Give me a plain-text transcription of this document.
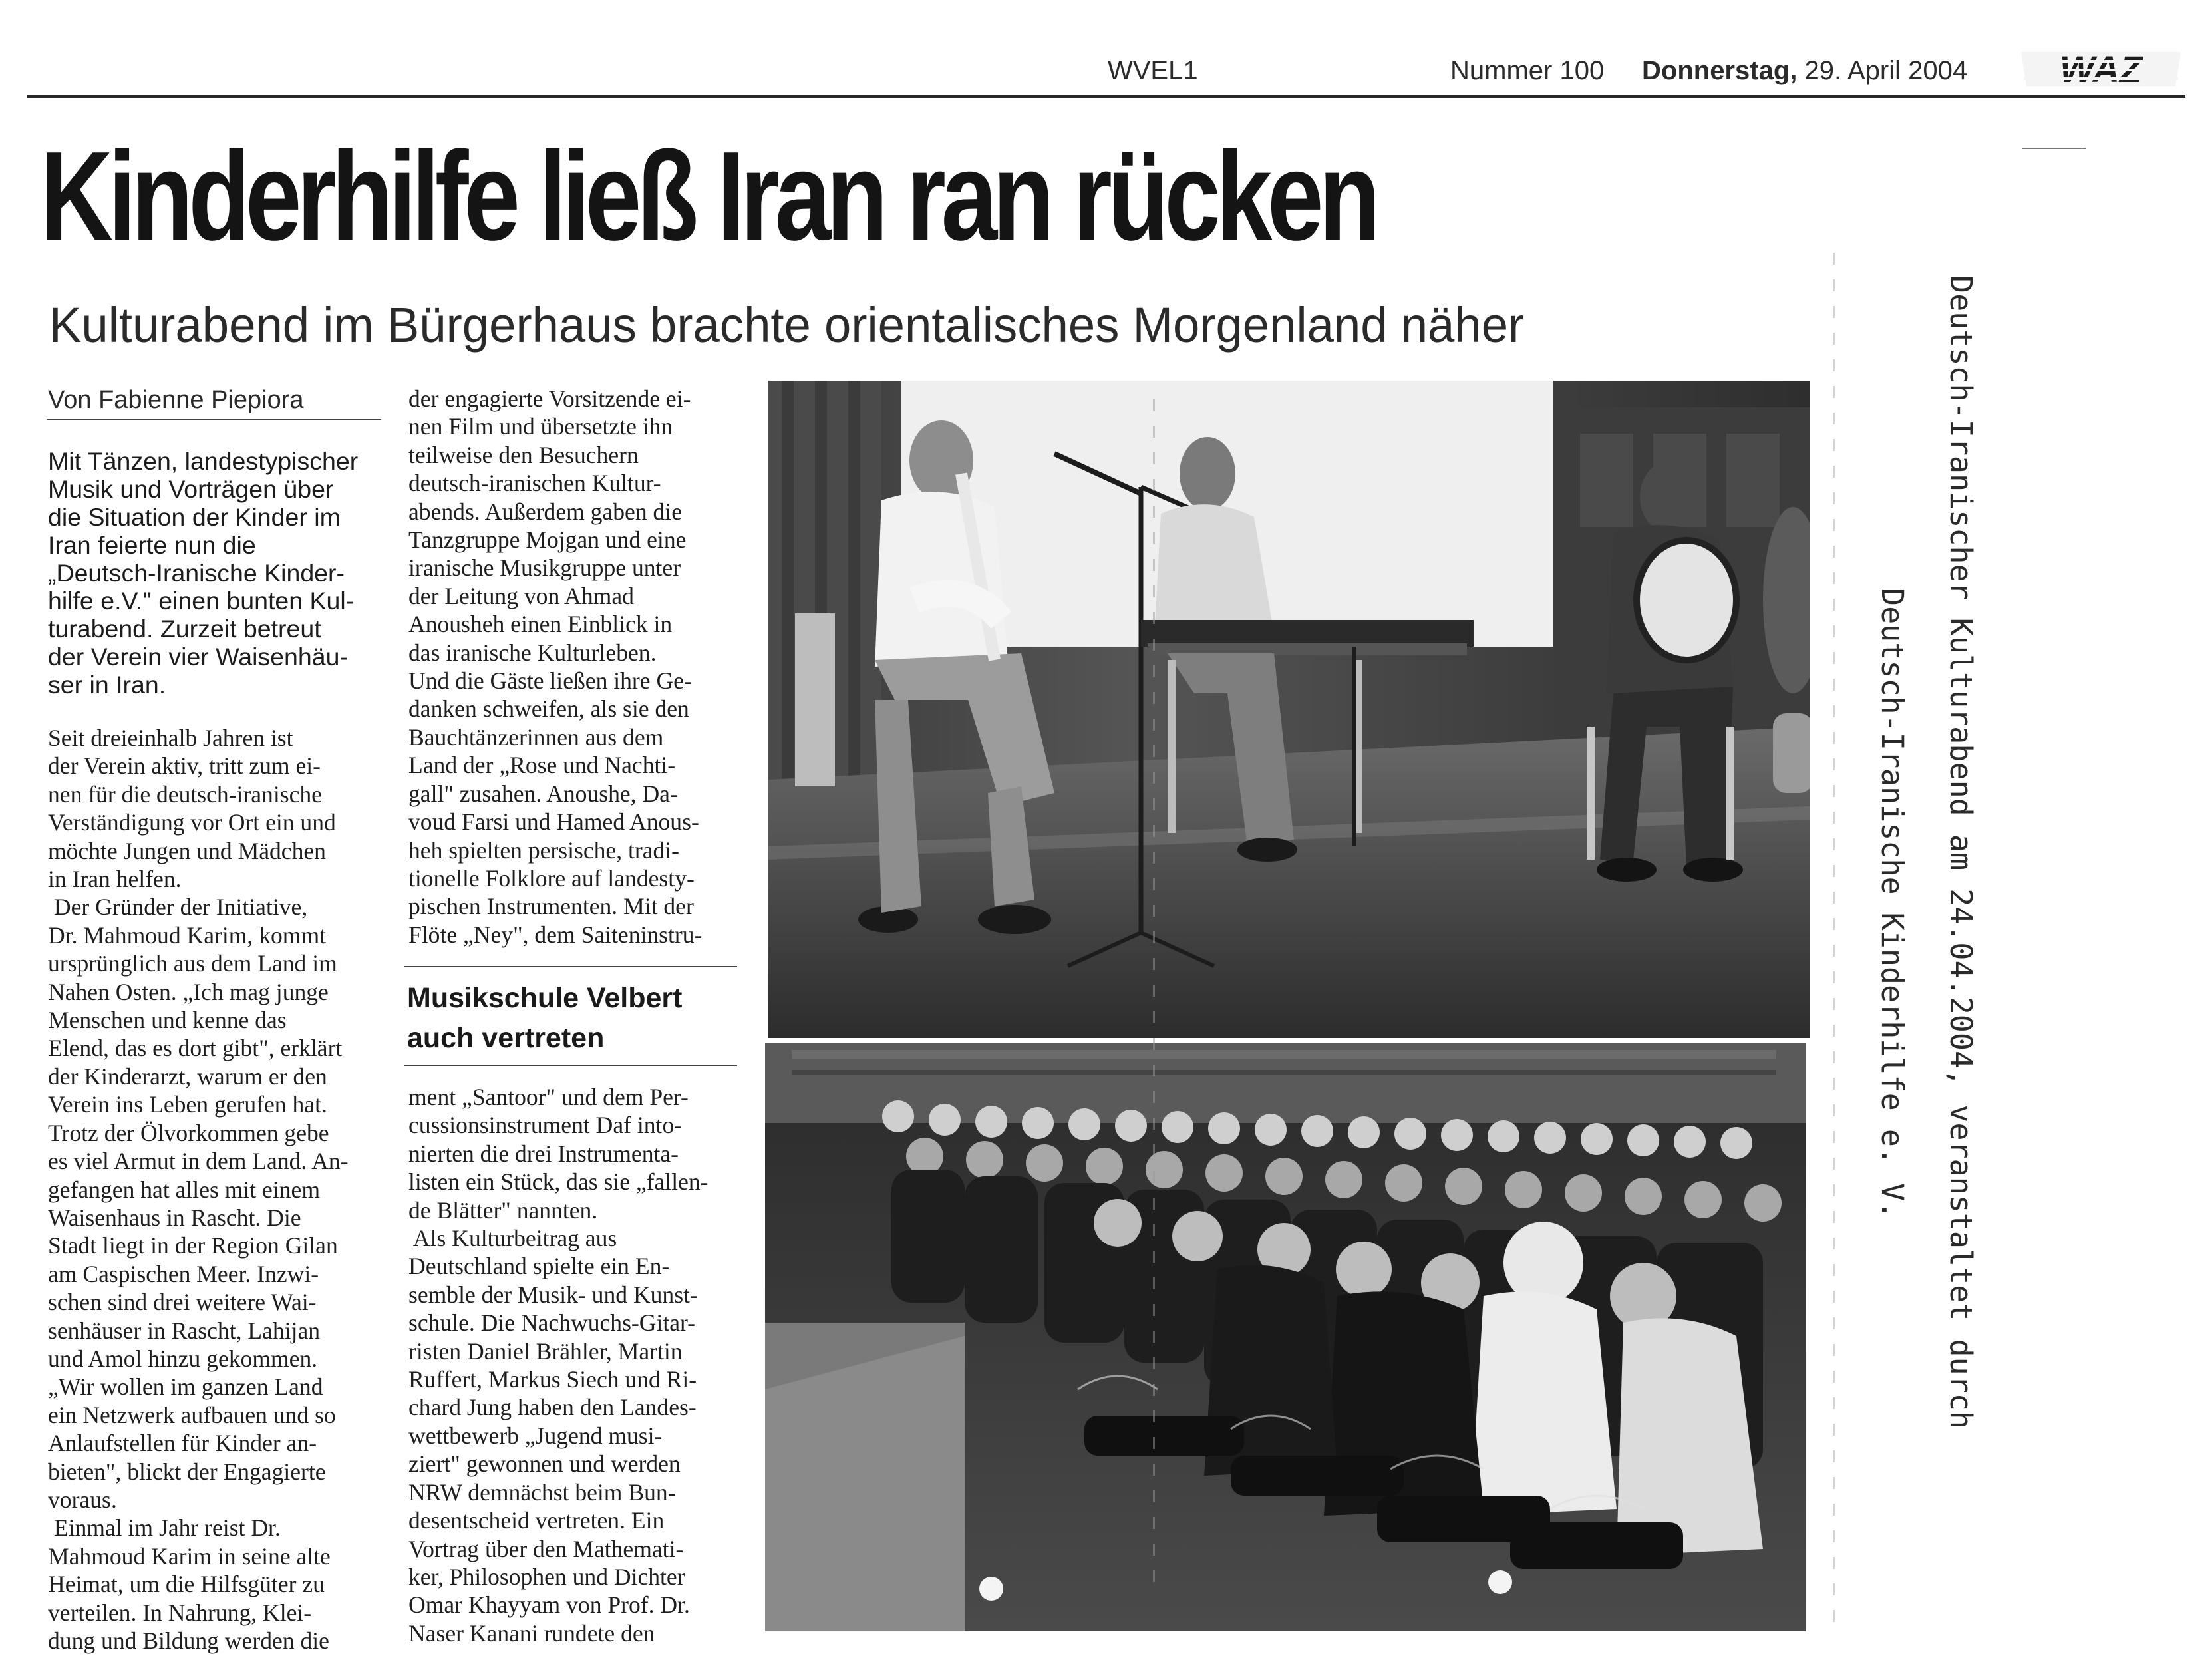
WVEL1	Nummer 100 Donnerstag, 29. April 2004 WAZ
Kinderhilfe ließ Iran ran rücken
Kulturabend im Bürgerhaus brachte orientalisches Morgenland näher
Von Fabienne Piepiora
Mit Tänzen, landestypischer
Musik und Vorträgen über
die Situation der Kinder im
Iran feierte nun die
„Deutsch-Iranische Kinder-
hilfe e.V." einen bunten Kul-
turabend. Zurzeit betreut
der Verein vier Waisenhäu-
ser in Iran.
Seit dreieinhalb Jahren ist
der Verein aktiv, tritt zum ei-
nen für die deutsch-iranische
Verständigung vor Ort ein und
möchte Jungen und Mädchen
in Iran helfen.
Der Gründer der Initiative,
Dr. Mahmoud Karim, kommt
ursprünglich aus dem Land im
Nahen Osten. „Ich mag junge
Menschen und kenne das
Elend, das es dort gibt", erklärt
der Kinderarzt, warum er den
Verein ins Leben gerufen hat.
Trotz der Ölvorkommen gebe
es viel Armut in dem Land. An-
gefangen hat alles mit einem
Waisenhaus in Rascht. Die
Stadt liegt in der Region Gilan
am Caspischen Meer. Inzwi-
schen sind drei weitere Wai-
senhäuser in Rascht, Lahijan
und Amol hinzu gekommen.
„Wir wollen im ganzen Land
ein Netzwerk aufbauen und so
Anlaufstellen für Kinder an-
bieten", blickt der Engagierte
voraus.
Einmal im Jahr reist Dr.
Mahmoud Karim in seine alte
Heimat, um die Hilfsgüter zu
verteilen. In Nahrung, Klei-
dung und Bildung werden die
der engagierte Vorsitzende ei-
nen Film und übersetzte ihn
teilweise den Besuchern
deutsch-iranischen Kultur-
abends. Außerdem gaben die
Tanzgruppe Mojgan und eine
iranische Musikgruppe unter
der Leitung von Ahmad
Anousheh einen Einblick in
das iranische Kulturleben.
Und die Gäste ließen ihre Ge-
danken schweifen, als sie den
Bauchtänzerinnen aus dem
Land der „Rose und Nachti-
gall" zusahen. Anoushe, Da-
voud Farsi und Hamed Anous-
heh spielten persische, tradi-
tionelle Folklore auf landesty-
pischen Instrumenten. Mit der
Flöte „Ney", dem Saiteninstru-
Musikschule Velbert
auch vertreten
ment „Santoor" und dem Per-
cussionsinstrument Daf into-
nierten die drei Instrumenta-
listen ein Stück, das sie „fallen-
de Blätter" nannten.
Als Kulturbeitrag aus
Deutschland spielte ein En-
semble der Musik- und Kunst-
schule. Die Nachwuchs-Gitar-
risten Daniel Brähler, Martin
Ruffert, Markus Siech und Ri-
chard Jung haben den Landes-
wettbewerb „Jugend musi-
ziert" gewonnen und werden
NRW demnächst beim Bun-
desentscheid vertreten. Ein
Vortrag über den Mathemati-
ker, Philosophen und Dichter
Omar Khayyam von Prof. Dr.
Naser Kanani rundete den
Deutsch-Iranischer Kulturabend am 24.04.2004, veranstaltet durch
Deutsch-Iranische Kinderhilfe e. V.
